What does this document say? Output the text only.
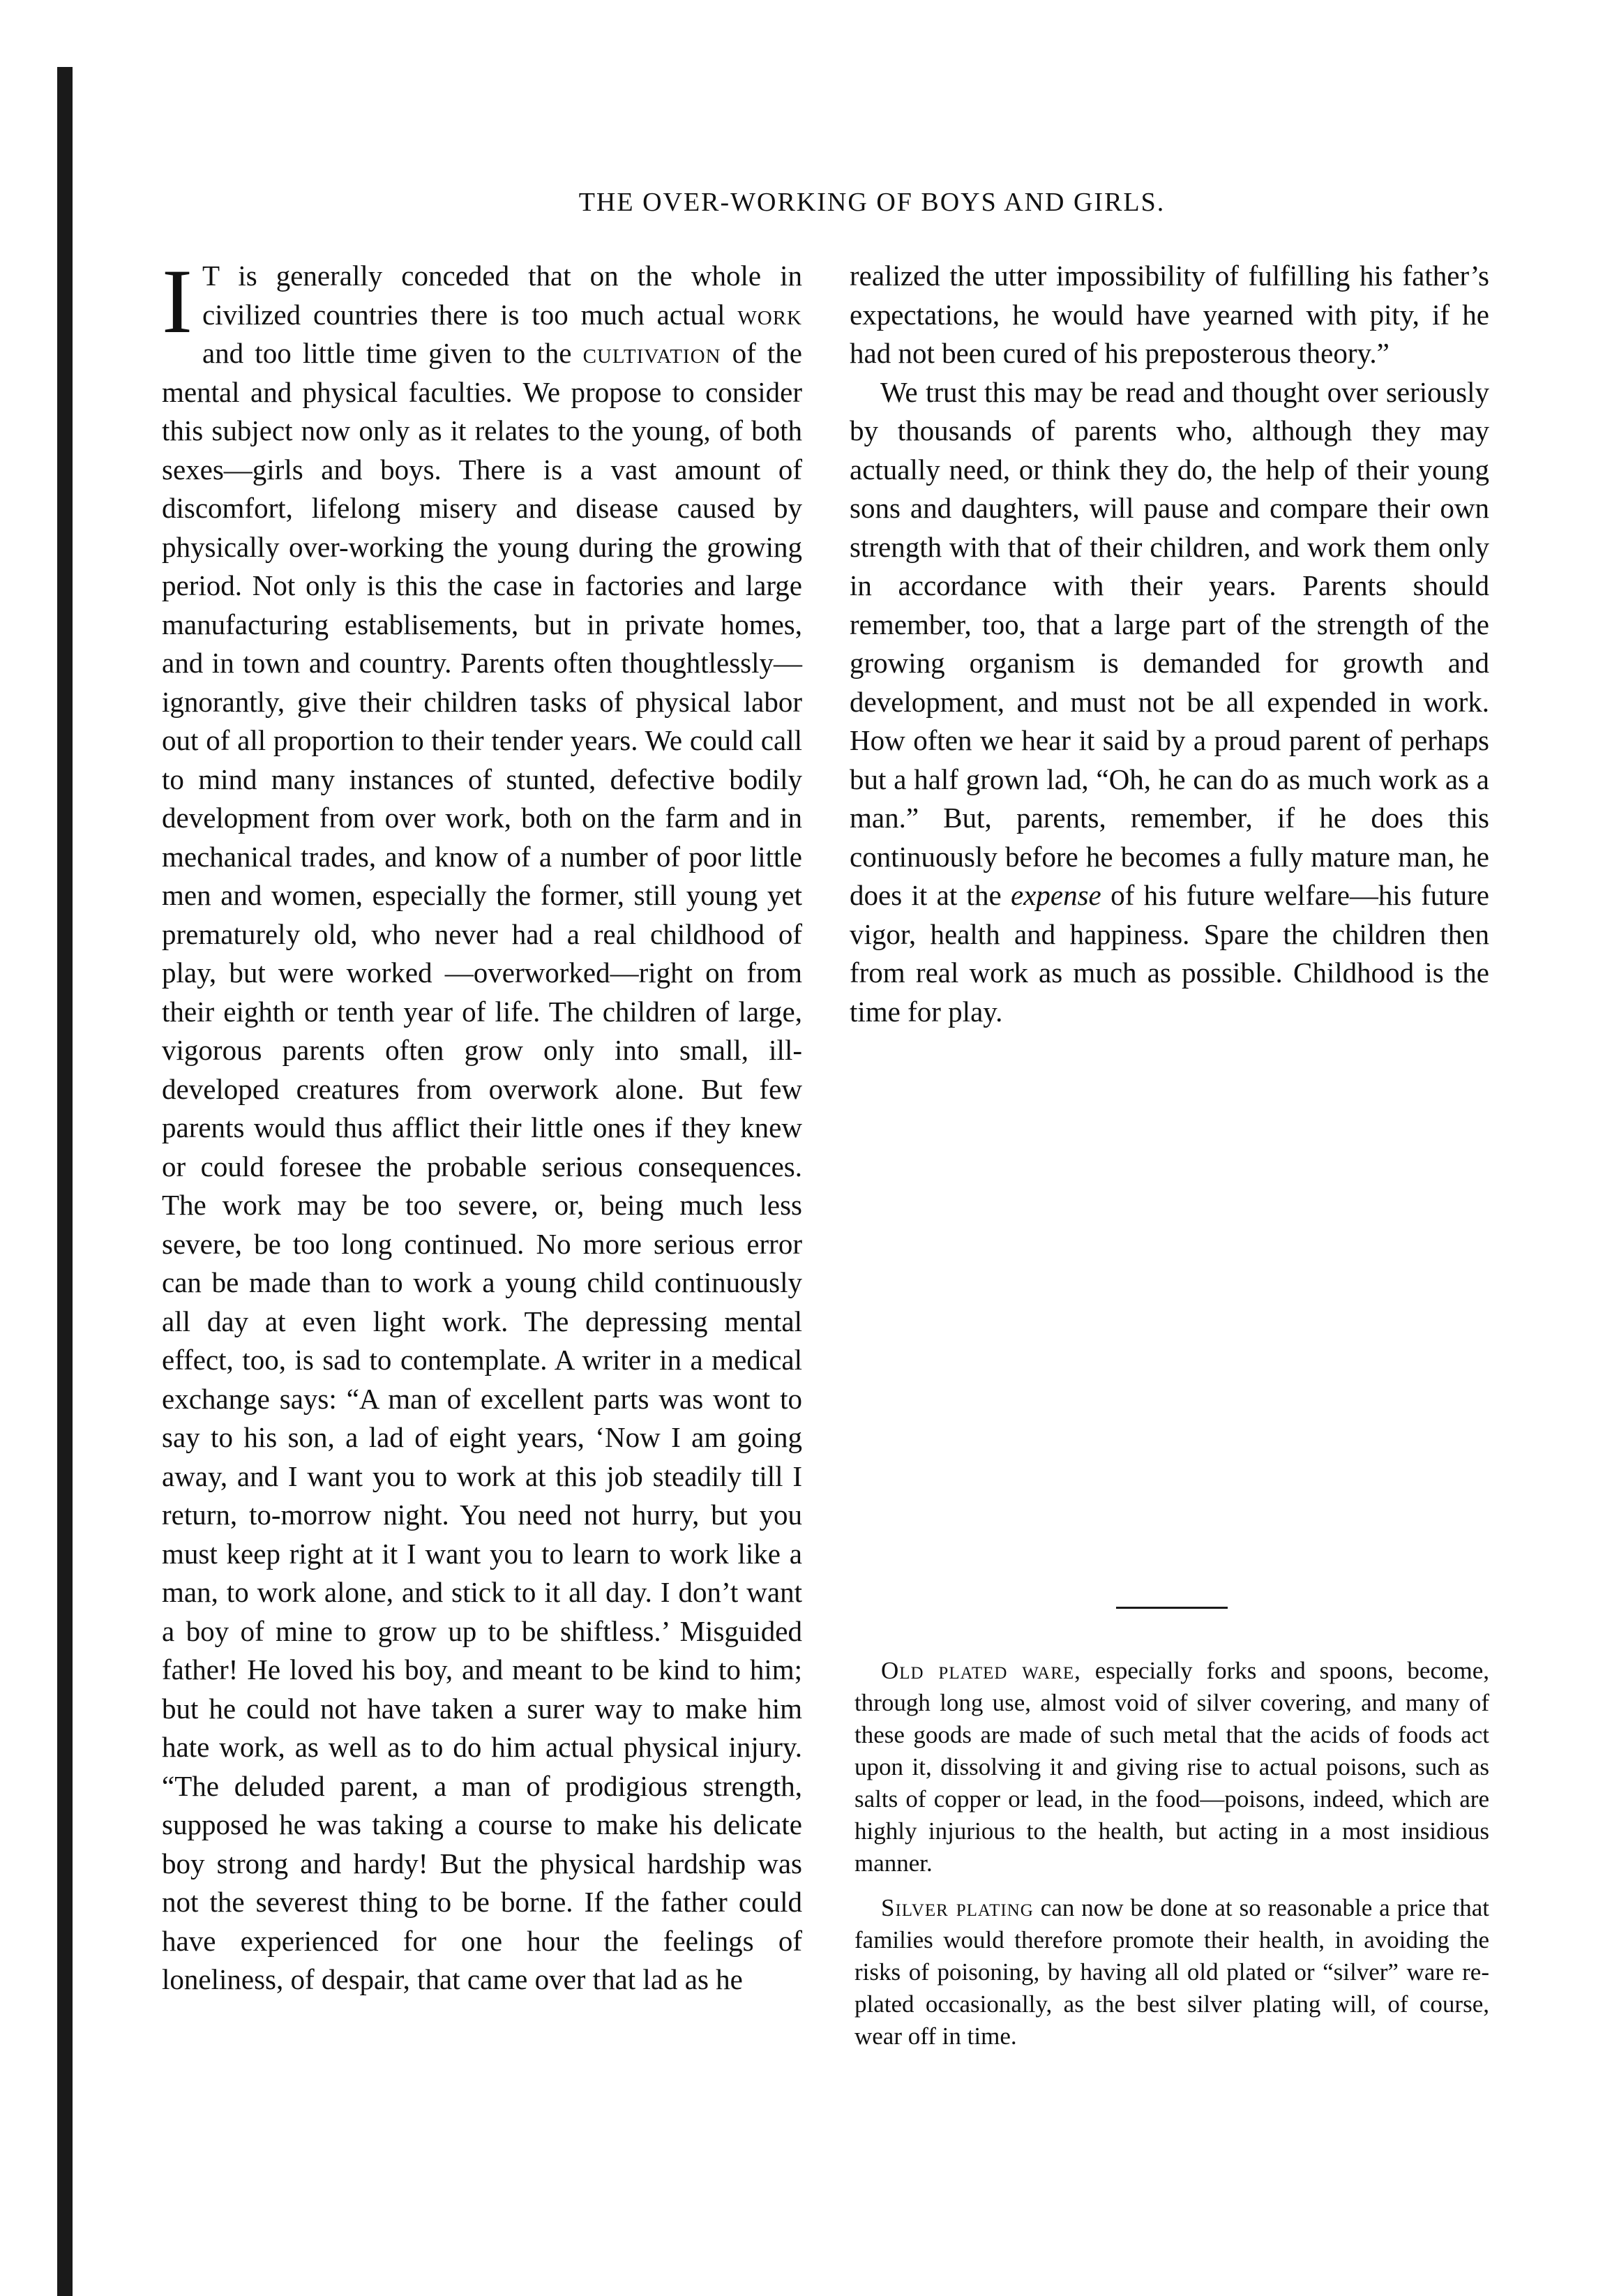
THE OVER-WORKING OF BOYS AND GIRLS.

I T is generally conceded that on the whole in civilized countries there is too much actual work and too little time given to the cultivation of the mental and physical faculties. We propose to consider this subject now only as it relates to the young, of both sexes—girls and boys. There is a vast amount of discomfort, lifelong misery and disease caused by physically over-working the young during the growing period. Not only is this the case in factories and large manufacturing establisements, but in private homes, and in town and country. Parents often thoughtlessly—ignorantly, give their children tasks of physical labor out of all proportion to their tender years. We could call to mind many instances of stunted, defective bodily development from over work, both on the farm and in mechanical trades, and know of a number of poor little men and women, especially the former, still young yet prematurely old, who never had a real childhood of play, but were worked —overworked—right on from their eighth or tenth year of life. The children of large, vigorous parents often grow only into small, ill-developed creatures from overwork alone. But few parents would thus afflict their little ones if they knew or could foresee the probable serious consequences. The work may be too severe, or, being much less severe, be too long continued. No more serious error can be made than to work a young child continuously all day at even light work. The depressing mental effect, too, is sad to contemplate. A writer in a medical exchange says: “A man of excellent parts was wont to say to his son, a lad of eight years, ‘Now I am going away, and I want you to work at this job steadily till I return, to-morrow night. You need not hurry, but you must keep right at it I want you to learn to work like a man, to work alone, and stick to it all day. I don’t want a boy of mine to grow up to be shiftless.’ Misguided father! He loved his boy, and meant to be kind to him; but he could not have taken a surer way to make him hate work, as well as to do him actual physical injury. “The deluded parent, a man of prodigious strength, supposed he was taking a course to make his delicate boy strong and hardy! But the physical hardship was not the severest thing to be borne. If the father could have experienced for one hour the feelings of loneliness, of despair, that came over that lad as he

realized the utter impossibility of fulfilling his father’s expectations, he would have yearned with pity, if he had not been cured of his preposterous theory.”

We trust this may be read and thought over seriously by thousands of parents who, although they may actually need, or think they do, the help of their young sons and daughters, will pause and compare their own strength with that of their children, and work them only in accordance with their years. Parents should remember, too, that a large part of the strength of the growing organism is demanded for growth and development, and must not be all expended in work. How often we hear it said by a proud parent of perhaps but a half grown lad, “Oh, he can do as much work as a man.” But, parents, remember, if he does this continuously before he becomes a fully mature man, he does it at the expense of his future welfare—his future vigor, health and happiness. Spare the children then from real work as much as possible. Childhood is the time for play.

Old plated ware, especially forks and spoons, become, through long use, almost void of silver covering, and many of these goods are made of such metal that the acids of foods act upon it, dissolving it and giving rise to actual poisons, such as salts of copper or lead, in the food—poisons, indeed, which are highly injurious to the health, but acting in a most insidious manner.

Silver plating can now be done at so reasonable a price that families would therefore promote their health, in avoiding the risks of poisoning, by having all old plated or “silver” ware re-plated occasionally, as the best silver plating will, of course, wear off in time.
